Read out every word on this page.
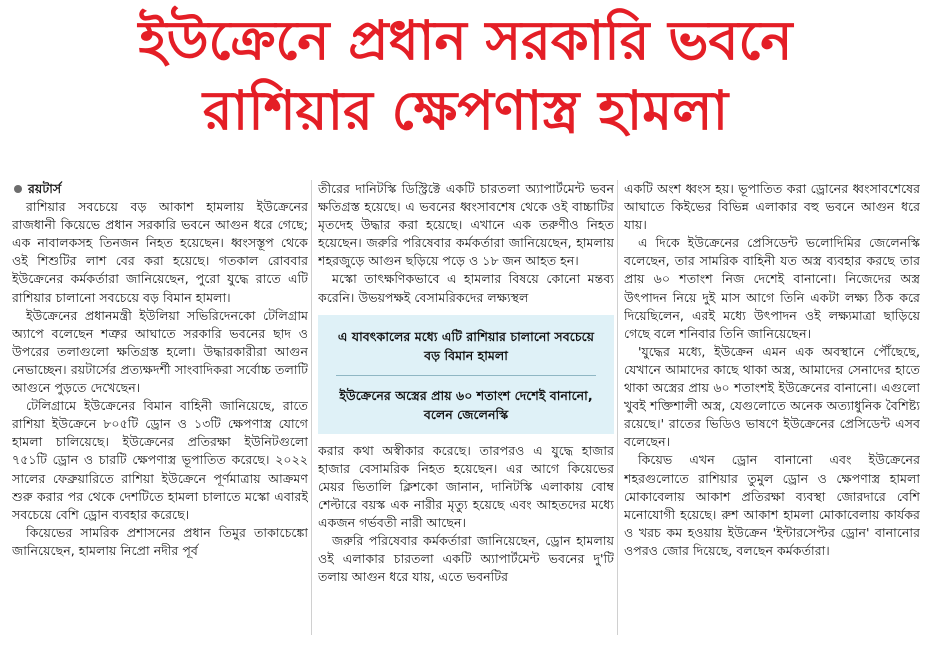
ইউক্রেনে প্রধান সরকারি ভবনে
রাশিয়ার ক্ষেপণাস্ত্র হামলা
রয়টার্স

রাশিয়ার সবচেয়ে বড় আকাশ হামলায় ইউক্রেনের রাজধানী কিয়েভে প্রধান সরকারি ভবনে আগুন ধরে গেছে; এক নাবালকসহ তিনজন নিহত হয়েছেন। ধ্বংসস্তূপ থেকে ওই শিশুটির লাশ বের করা হয়েছে। গতকাল রোববার ইউক্রেনের কর্মকর্তারা জানিয়েছেন, পুরো যুদ্ধে রাতে এটি রাশিয়ার চালানো সবচেয়ে বড় বিমান হামলা।

ইউক্রেনের প্রধানমন্ত্রী ইউলিয়া সভিরিদেনকো টেলিগ্রাম অ্যাপে বলেছেন শত্রুর আঘাতে সরকারি ভবনের ছাদ ও উপরের তলাগুলো ক্ষতিগ্রস্ত হলো। উদ্ধারকারীরা আগুন নেভাচ্ছেন। রয়টার্সের প্রত্যক্ষদর্শী সাংবাদিকরা সর্বোচ্চ তলাটি আগুনে পুড়তে দেখেছেন।

টেলিগ্রামে ইউক্রেনের বিমান বাহিনী জানিয়েছে, রাতে রাশিয়া ইউক্রেনে ৮০৫টি ড্রোন ও ১৩টি ক্ষেপণাস্ত্র যোগে হামলা চালিয়েছে। ইউক্রেনের প্রতিরক্ষা ইউনিটগুলো ৭৫১টি ড্রোন ও চারটি ক্ষেপণাস্ত্র ভূপাতিত করেছে। ২০২২ সালের ফেব্রুয়ারিতে রাশিয়া ইউক্রেনে পূর্ণমাত্রায় আক্রমণ শুরু করার পর থেকে দেশটিতে হামলা চালাতে মস্কো এবারই সবচেয়ে বেশি ড্রোন ব্যবহার করেছে।

কিয়েভের সামরিক প্রশাসনের প্রধান তিমুর তাকাচেঙ্কো জানিয়েছেন, হামলায় নিপ্রো নদীর পূর্ব

তীরের দানিটস্কি ডিস্ট্রিক্টে একটি চারতলা অ্যাপার্টমেন্ট ভবন ক্ষতিগ্রস্ত হয়েছে। এ ভবনের ধ্বংসাবশেষ থেকে ওই বাচ্চাটির মৃতদেহ উদ্ধার করা হয়েছে। এখানে এক তরুণীও নিহত হয়েছেন। জরুরি পরিষেবার কর্মকর্তারা জানিয়েছেন, হামলায় শহরজুড়ে আগুন ছড়িয়ে পড়ে ও ১৮ জন আহত হন।

মস্কো তাৎক্ষণিকভাবে এ হামলার বিষয়ে কোনো মন্তব্য করেনি। উভয়পক্ষই বেসামরিকদের লক্ষ্যস্থল

এ যাবৎকালের মধ্যে এটি রাশিয়ার চালানো সবচেয়ে বড় বিমান হামলা
ইউক্রেনের অস্ত্রের প্রায় ৬০ শতাংশ দেশেই বানানো, বলেন জেলেনস্কি

করার কথা অস্বীকার করেছে। তারপরও এ যুদ্ধে হাজার হাজার বেসামরিক নিহত হয়েছেন। এর আগে কিয়েভের মেয়র ভিতালি ক্লিশকো জানান, দানিটস্কি এলাকায় বোম্ব শেল্টারে বয়স্ক এক নারীর মৃত্যু হয়েছে এবং আহতদের মধ্যে একজন গর্ভবতী নারী আছেন।

জরুরি পরিষেবার কর্মকর্তারা জানিয়েছেন, ড্রোন হামলায় ওই এলাকার চারতলা একটি অ্যাপার্টমেন্ট ভবনের দু'টি তলায় আগুন ধরে যায়, এতে ভবনটির

একটি অংশ ধ্বংস হয়। ভূপাতিত করা ড্রোনের ধ্বংসাবশেষের আঘাতে কিইভের বিভিন্ন এলাকার বহু ভবনে আগুন ধরে যায়।

এ দিকে ইউক্রেনের প্রেসিডেন্ট ভলোদিমির জেলেনস্কি বলেছেন, তার সামরিক বাহিনী যত অস্ত্র ব্যবহার করছে তার প্রায় ৬০ শতাংশ নিজ দেশেই বানানো। নিজেদের অস্ত্র উৎপাদন নিয়ে দুই মাস আগে তিনি একটা লক্ষ্য ঠিক করে দিয়েছিলেন, এরই মধ্যে উৎপাদন ওই লক্ষ্যমাত্রা ছাড়িয়ে গেছে বলে শনিবার তিনি জানিয়েছেন।

'যুদ্ধের মধ্যে, ইউক্রেন এমন এক অবস্থানে পৌঁছেছে, যেখানে আমাদের কাছে থাকা অস্ত্র, আমাদের সেনাদের হাতে থাকা অস্ত্রের প্রায় ৬০ শতাংশই ইউক্রেনের বানানো। এগুলো খুবই শক্তিশালী অস্ত্র, যেগুলোতে অনেক অত্যাধুনিক বৈশিষ্ট্য রয়েছে।' রাতের ভিডিও ভাষণে ইউক্রেনের প্রেসিডেন্ট এসব বলেছেন।

কিয়েভ এখন ড্রোন বানানো এবং ইউক্রেনের শহরগুলোতে রাশিয়ার তুমুল ড্রোন ও ক্ষেপণাস্ত্র হামলা মোকাবেলায় আকাশ প্রতিরক্ষা ব্যবস্থা জোরদারে বেশি মনোযোগী হয়েছে। রুশ আকাশ হামলা মোকাবেলায় কার্যকর ও খরচ কম হওয়ায় ইউক্রেন 'ইন্টারসেপ্টর ড্রোন' বানানোর ওপরও জোর দিয়েছে, বলছেন কর্মকর্তারা।
